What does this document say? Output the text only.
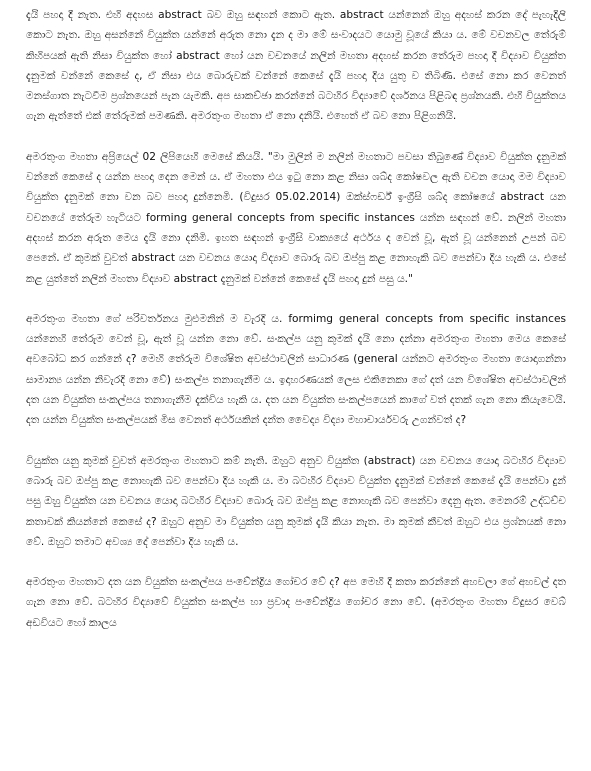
දැයි පහදා දී නැත. එහි අදහස abstract බව ඔහු සඳහන් කොට ඇත. abstract යන්නෙන් ඔහු අදහස් කරන දේ පැහැදිලි කොට නැත. ඔහු අසන්නේ වියුක්ත යන්නේ අරුත නො දැන ද මා මේ සංවාදයට යොමු වූයේ කියා ය. මේ වචනවල තේරුම් කිහිපයක් ඇති නිසා වියුක්ත හෝ abstract හෝ යන වචනයේ නලින් මහතා අදහස් කරන තේරුම පහදා දී විද්‍යාව වියුක්ත දැනුමක් වන්නේ කෙසේ ද, ඒ නිසා එය බොරුවක් වන්නේ කෙසේ දැයි පහදා දිය යුතු ව තිබිණි. එසේ නො කර වෙනත් මනස්ගාත නැටවීම ප්‍රශ්නයෙන් පැන යැමකි. අප සාකච්ඡා කරන්නේ බටහිර විද්‍යාවේ දර්ශනය පිළිබඳ ප්‍රශ්නයකි. එහි වියුක්තය ගැන ඇත්තේ එක් තේරුමක් පමණකි. අමරතුංග මහතා ඒ නො දනියි. එහෙත් ඒ බව නො පිළිගනියි.

අමරතුංග මහතා අප්‍රියෙල් 02 ලිපියෙහි මෙසේ කියයි. "මා මුලින් ම නලින් මහතාට පවසා තිබුණේ විද්‍යාව වියුක්ත දැනුමක් වන්නේ කෙසේ ද යන්න පහදා දෙන මෙන් ය. ඒ මහතා එය ඉටු නො කළ නිසා ශබ්ද කෝෂවල ඇති වචන යොදා මම විද්‍යාව වියුක්ත දැනුමක් නො වන බව පහදා දුන්නෙමි. (විදුසර 05.02.2014) ඔක්ස්ෆර්ඩ් ඉංග්‍රීසි ශබ්ද කෝෂයේ abstract යන වචනයේ තේරුම හැටියට forming general concepts from specific instances යන්න සඳහන් වේ. නලින් මහතා අදහස් කරන අරුත මෙය දැයි නො දනිමි. ඉහත සඳහන් ඉංග්‍රීසි වාක්‍යයේ අර්ථය ද වෙන් වූ, ඇත් වූ යන්නෙන් උපන් බව පෙනේ. ඒ කුමක් වුවත් abstract යන වචනය යොදා විද්‍යාව බොරු බව ඔප්පු කළ නොහැකි බව පෙන්වා දිය හැකි ය. එසේ කළ යුත්තේ නලින් මහතා විද්‍යාව abstract දැනුමක් වන්නේ කෙසේ දැයි පහදා දුන් පසු ය."

අමරතුංග මහතා ගේ පරිවර්තනය මුළුමනින් ම වැරදි ය. formimg general concepts from specific instances යන්නෙහි තේරුම වෙන් වූ, ඇත් වූ යන්න නො වේ. සංකල්ප යනු කුමක් දැයි නො දන්නා අමරතුංග මහතා මෙය කෙසේ අවබෝධ කර ගන්නේ ද? මෙහි තේරුම විශේෂිත අවස්ථාවලින් සාධාරණ (general යන්නට අමරතුංග මහතා යොදාගන්නා සාමාන්‍ය යන්න නිවැරදි නො වේ) සංකල්ප තනාගැනීම ය. ඉදාහරණයක් ලෙස එකිනෙකා ගේ දත් යන විශේෂිත අවස්ථාවලින් දත යන වියුක්ත සංකල්පය තනාගැනීම දැක්විය හැකි ය. දත යන වියුක්ත සංකල්පයෙන් කාගේ වත් දතක් ගැන නො කියැවෙයි. දත යන්න වියුක්ත සංකල්පයක් මිස වෙනත් අර්ථයකින් දන්ත වෛද්‍ය විද්‍යා මහාචාර්යවරු උගන්වත් ද?

වියුක්ත යනු කුමක් වුවත් අමරතුංග මහතාට කම් නැති. ඔහුට අනුව වියුක්ත (abstract) යන වචනය යොදා බටහිර විද්‍යාව බොරු බව ඔප්පු කළ නොහැකි බව පෙන්වා දිය හැකි ය. මා බටහිර විද්‍යාව වියුක්ත දැනුමක් වන්නේ කෙසේ දැයි පෙන්වා දුන් පසු ඔහු වියුක්ත යන වචනය යොදා බටහිර විද්‍යාව බොරු බව ඔප්පු කළ නොහැකි බව පෙන්වා දෙනු ඇත. මෙනරම් උද්ධච්ච කතාවක් කියන්නේ කෙසේ ද? ඔහුට අනුව මා වියුක්ත යනු කුමක් දැයි කියා නැත. මා කුමක් කීවත් ඔහුට එය ප්‍රශ්නයක් නො වේ. ඔහුට තමාට අවශ්‍ය දේ පෙන්වා දිය හැකි ය.

අමරතුංග මහතාට දත යන වියුක්ත සංකල්පය පංචේන්ද්‍රිය ගෝචර වේ ද? අප මෙහි දී කතා කරන්නේ අහවලා ගේ අහවල් දත ගැන නො වේ. බටහිර විද්‍යාවේ වියුක්ත සංකල්ප හා ප්‍රවාද පංචේන්ද්‍රිය ගෝචර නො වේ. (අමරතුංග මහතා විදුසර වෙබ් අඩවියට හෝ කාලය
